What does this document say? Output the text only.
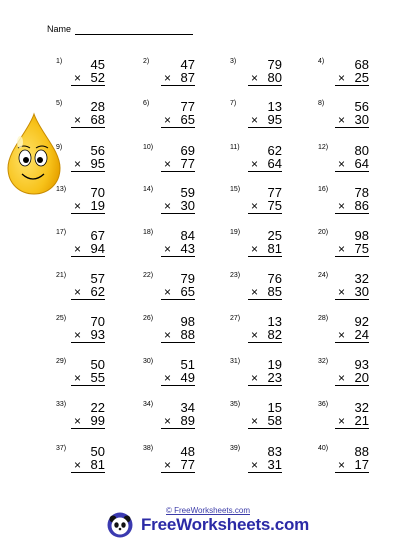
Name
1) 45
× 52
2) 47
× 87
3) 79
× 80
4) 68
× 25
5) 28
× 68
6) 77
× 65
7) 13
× 95
8) 56
× 30
9) 56
× 95
10) 69
× 77
11) 62
× 64
12) 80
× 64
13) 70
× 19
14) 59
× 30
15) 77
× 75
16) 78
× 86
17) 67
× 94
18) 84
× 43
19) 25
× 81
20) 98
× 75
21) 57
× 62
22) 79
× 65
23) 76
× 85
24) 32
× 30
25) 70
× 93
26) 98
× 88
27) 13
× 82
28) 92
× 24
29) 50
× 55
30) 51
× 49
31) 19
× 23
32) 93
× 20
33) 22
× 99
34) 34
× 89
35) 15
× 58
36) 32
× 21
37) 50
× 81
38) 48
× 77
39) 83
× 31
40) 88
× 17
© FreeWorksheets.com
FreeWorksheets.com
